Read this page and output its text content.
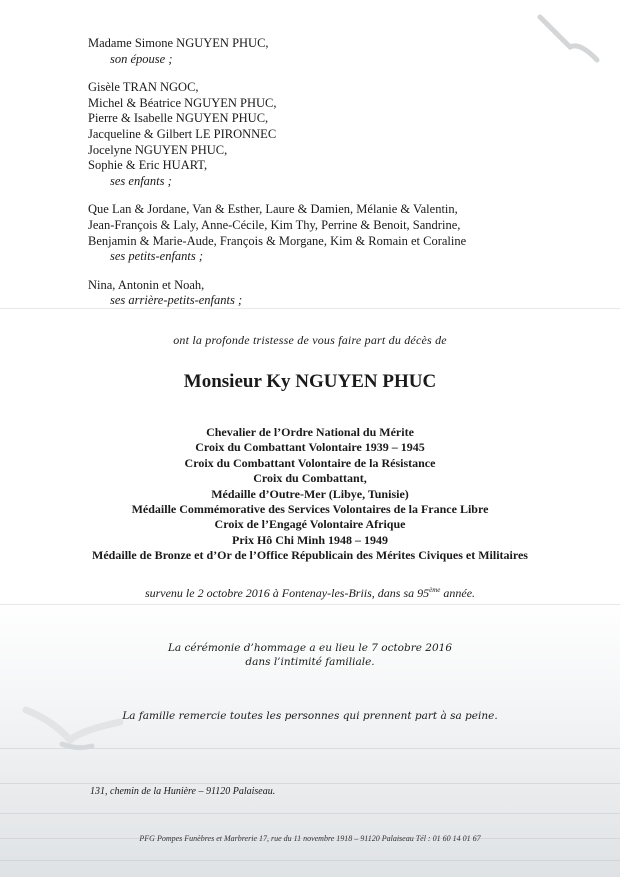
Madame Simone NGUYEN PHUC,
son épouse ;
Gisèle TRAN NGOC,
Michel & Béatrice NGUYEN PHUC,
Pierre & Isabelle NGUYEN PHUC,
Jacqueline & Gilbert LE PIRONNEC
Jocelyne NGUYEN PHUC,
Sophie & Eric HUART,
ses enfants ;
Que Lan & Jordane, Van & Esther, Laure & Damien, Mélanie & Valentin,
Jean-François & Laly, Anne-Cécile, Kim Thy, Perrine & Benoit, Sandrine,
Benjamin & Marie-Aude, François & Morgane, Kim & Romain et Coraline
ses petits-enfants ;
Nina, Antonin et Noah,
ses arrière-petits-enfants ;
ont la profonde tristesse de vous faire part du décès de
Monsieur Ky NGUYEN PHUC
Chevalier de l’Ordre National du Mérite
Croix du Combattant Volontaire 1939 – 1945
Croix du Combattant Volontaire de la Résistance
Croix du Combattant,
Médaille d’Outre-Mer (Libye, Tunisie)
Médaille Commémorative des Services Volontaires de la France Libre
Croix de l’Engagé Volontaire Afrique
Prix Hô Chi Minh 1948 – 1949
Médaille de Bronze et d’Or de l’Office Républicain des Mérites Civiques et Militaires
survenu le 2 octobre 2016 à Fontenay-les-Briis, dans sa 95ème année.
La cérémonie d’hommage a eu lieu le 7 octobre 2016
dans l’intimité familiale.
La famille remercie toutes les personnes qui prennent part à sa peine.
131, chemin de la Hunière – 91120 Palaiseau.
PFG Pompes Funèbres et Marbrerie 17, rue du 11 novembre 1918 – 91120 Palaiseau Tél : 01 60 14 01 67
